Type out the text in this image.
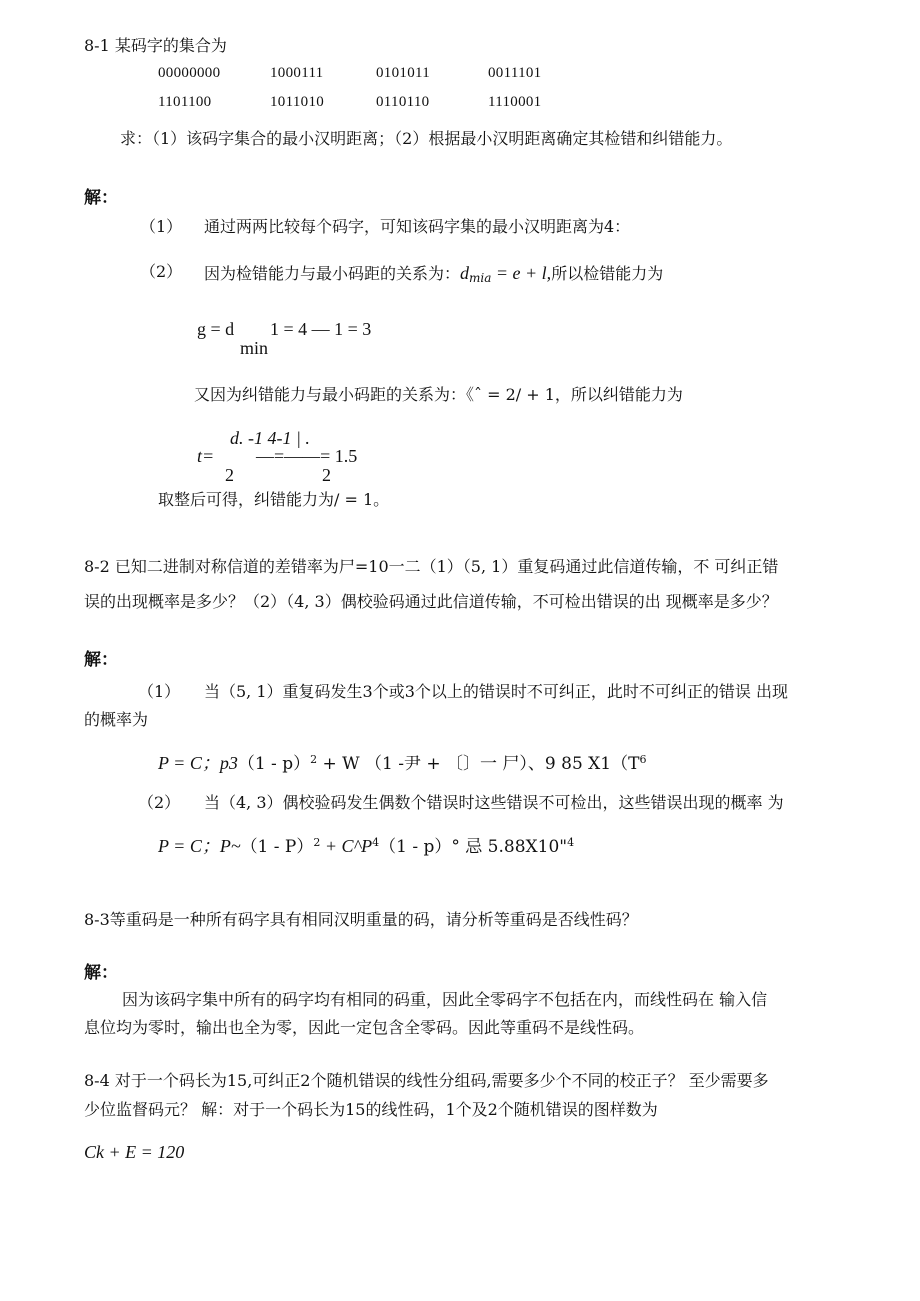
8-1 某码字的集合为
00000000	1000111	0101011	0011101
1101100	1011010	0110110	1110001
求：（1）该码字集合的最小汉明距离；（2）根据最小汉明距离确定其检错和纠错能力。
解：
（1） 通过两两比较每个码字，可知该码字集的最小汉明距离为4：
（2） 因为检错能力与最小码距的关系为：$d_{mia} = e + l$,所以检错能力为
g = d 1 = 4 — 1 = 3
min
又因为纠错能力与最小码距的关系为：《ˆ = 2/ + 1，所以纠错能力为
d. -1 4-1 | .
t= —=——= 1.5
2	2
取整后可得，纠错能力为/ = 1。
8-2 已知二进制对称信道的差错率为尸=10一二（1）（5, 1）重复码通过此信道传输，不 可纠正错
误的出现概率是多少？（2）（4, 3）偶校验码通过此信道传输，不可检出错误的出 现概率是多少？
解：
（1） 当（5, 1）重复码发生3个或3个以上的错误时不可纠正，此时不可纠正的错误 出现
的概率为
P = C；p3（1 - p）$^2$ + W （1 -尹 + 〔〕一 尸）、9 85 $X1(T^6$
（2） 当（4, 3）偶校验码发生偶数个错误时这些错误不可检出，这些错误出现的概率 为
P = C；P~（1 - $P)^2 + C\^{}P^4(1 - p)^\circ$ 忌 5.88X10"$^4$
8-3等重码是一种所有码字具有相同汉明重量的码，请分析等重码是否线性码？
解：
因为该码字集中所有的码字均有相同的码重，因此全零码字不包括在内，而线性码在 输入信
息位均为零时，输出也全为零，因此一定包含全零码。因此等重码不是线性码。
8-4 对于一个码长为15,可纠正2个随机错误的线性分组码,需要多少个不同的校正子？ 至少需要多
少位监督码元？ 解：对于一个码长为15的线性码，1个及2个随机错误的图样数为
Ck + E = 120
